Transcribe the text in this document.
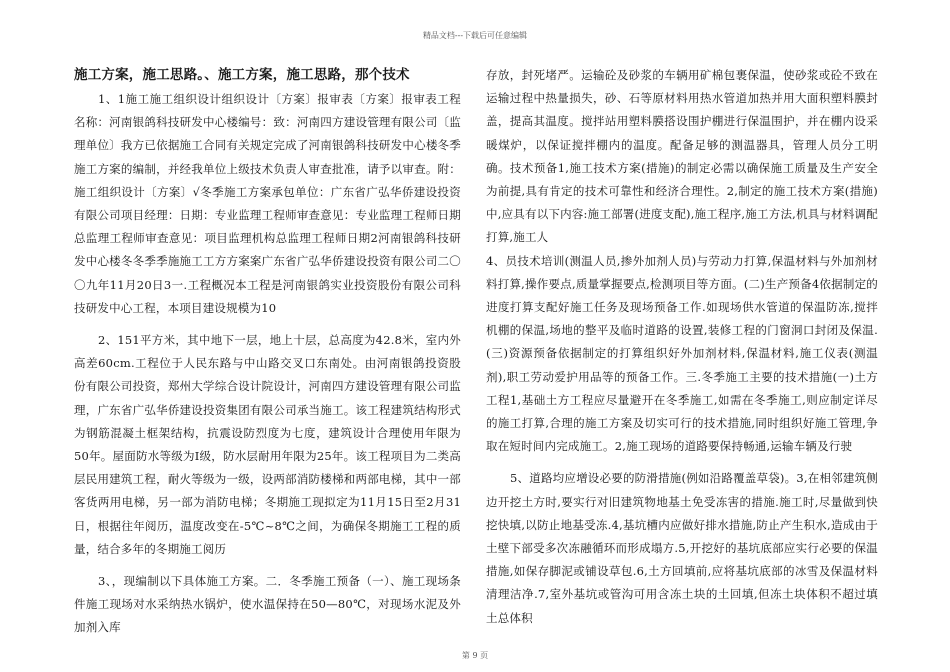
精品文档---下载后可任意编辑
施工方案，施工思路。、施工方案，施工思路，那个技术

1、1施工施工组织设计组织设计〔方案〕报审表〔方案〕报审表工程名称：河南银鸽科技研发中心楼编号：致：河南四方建设管理有限公司〔监理单位〕我方已依据施工合同有关规定完成了河南银鸽科技研发中心楼冬季施工方案的编制，并经我单位上级技术负责人审查批准，请予以审查。附：施工组织设计〔方案〕√冬季施工方案承包单位：广东省广弘华侨建设投资有限公司项目经理：日期：专业监理工程师审查意见：专业监理工程师日期总监理工程师审查意见：项目监理机构总监理工程师日期2河南银鸽科技研发中心楼冬冬季季施施工工方方案案广东省广弘华侨建设投资有限公司二〇〇九年11月20日3一.工程概况本工程是河南银鸽实业投资股份有限公司科技研发中心工程，本项目建设规模为10

2、151平方米，其中地下一层，地上十层，总高度为42.8米，室内外高差60cm.工程位于人民东路与中山路交叉口东南处。由河南银鸽投资股份有限公司投资，郑州大学综合设计院设计，河南四方建设管理有限公司监理，广东省广弘华侨建设投资集团有限公司承当施工。该工程建筑结构形式为钢筋混凝土框架结构，抗震设防烈度为七度，建筑设计合理使用年限为50年。屋面防水等级为Ⅰ级，防水层耐用年限为25年。该工程项目为二类高层民用建筑工程，耐火等级为一级，设两部消防楼梯和两部电梯，其中一部客货两用电梯，另一部为消防电梯；冬期施工现拟定为11月15日至2月31日，根据往年阅历，温度改变在-5℃~8℃之间，为确保冬期施工工程的质量，结合多年的冬期施工阅历

3、，现编制以下具体施工方案。二．冬季施工预备（一）、施工现场条件施工现场对水采纳热水锅炉，使水温保持在50—80℃，对现场水泥及外加剂入库

存放，封死堵严。运输砼及砂浆的车辆用矿棉包裹保温，使砂浆或砼不致在运输过程中热量损失，砂、石等原材料用热水管道加热并用大面积塑料膜封盖，提高其温度。搅拌站用塑料膜搭设围护棚进行保温围护，并在棚内设采暖煤炉，以保证搅拌棚内的温度。配备足够的测温器具，管理人员分工明确。技术预备1,施工技术方案(措施)的制定必需以确保施工质量及生产安全为前提,具有肯定的技术可靠性和经济合理性。2,制定的施工技术方案(措施)中,应具有以下内容:施工部署(进度支配),施工程序,施工方法,机具与材料调配打算,施工人

4、员技术培训(测温人员,掺外加剂人员)与劳动力打算,保温材料与外加剂材料打算,操作要点,质量掌握要点,检测项目等方面。(二)生产预备4依据制定的进度打算支配好施工任务及现场预备工作.如现场供水管道的保温防冻,搅拌机棚的保温,场地的整平及临时道路的设置,装修工程的门窗洞口封闭及保温.(三)资源预备依据制定的打算组织好外加剂材料,保温材料,施工仪表(测温剂),职工劳动爱护用品等的预备工作。三.冬季施工主要的技术措施(一)土方工程1,基础土方工程应尽量避开在冬季施工,如需在冬季施工,则应制定详尽的施工打算,合理的施工方案及切实可行的技术措施,同时组织好施工管理,争取在短时间内完成施工。2,施工现场的道路要保持畅通,运输车辆及行驶

5、道路均应增设必要的防滑措施(例如沿路覆盖草袋)。3,在相邻建筑侧边开挖土方时,要实行对旧建筑物地基土免受冻害的措施.施工时,尽量做到快挖快填,以防止地基受冻.4,基坑槽内应做好排水措施,防止产生积水,造成由于土壁下部受多次冻融循环而形成塌方.5,开挖好的基坑底部应实行必要的保温措施,如保存脚泥或铺设草包.6,土方回填前,应将基坑底部的冰雪及保温材料清理洁净.7,室外基坑或管沟可用含冻土块的土回填,但冻土块体积不超过填土总体积

第 9 页
